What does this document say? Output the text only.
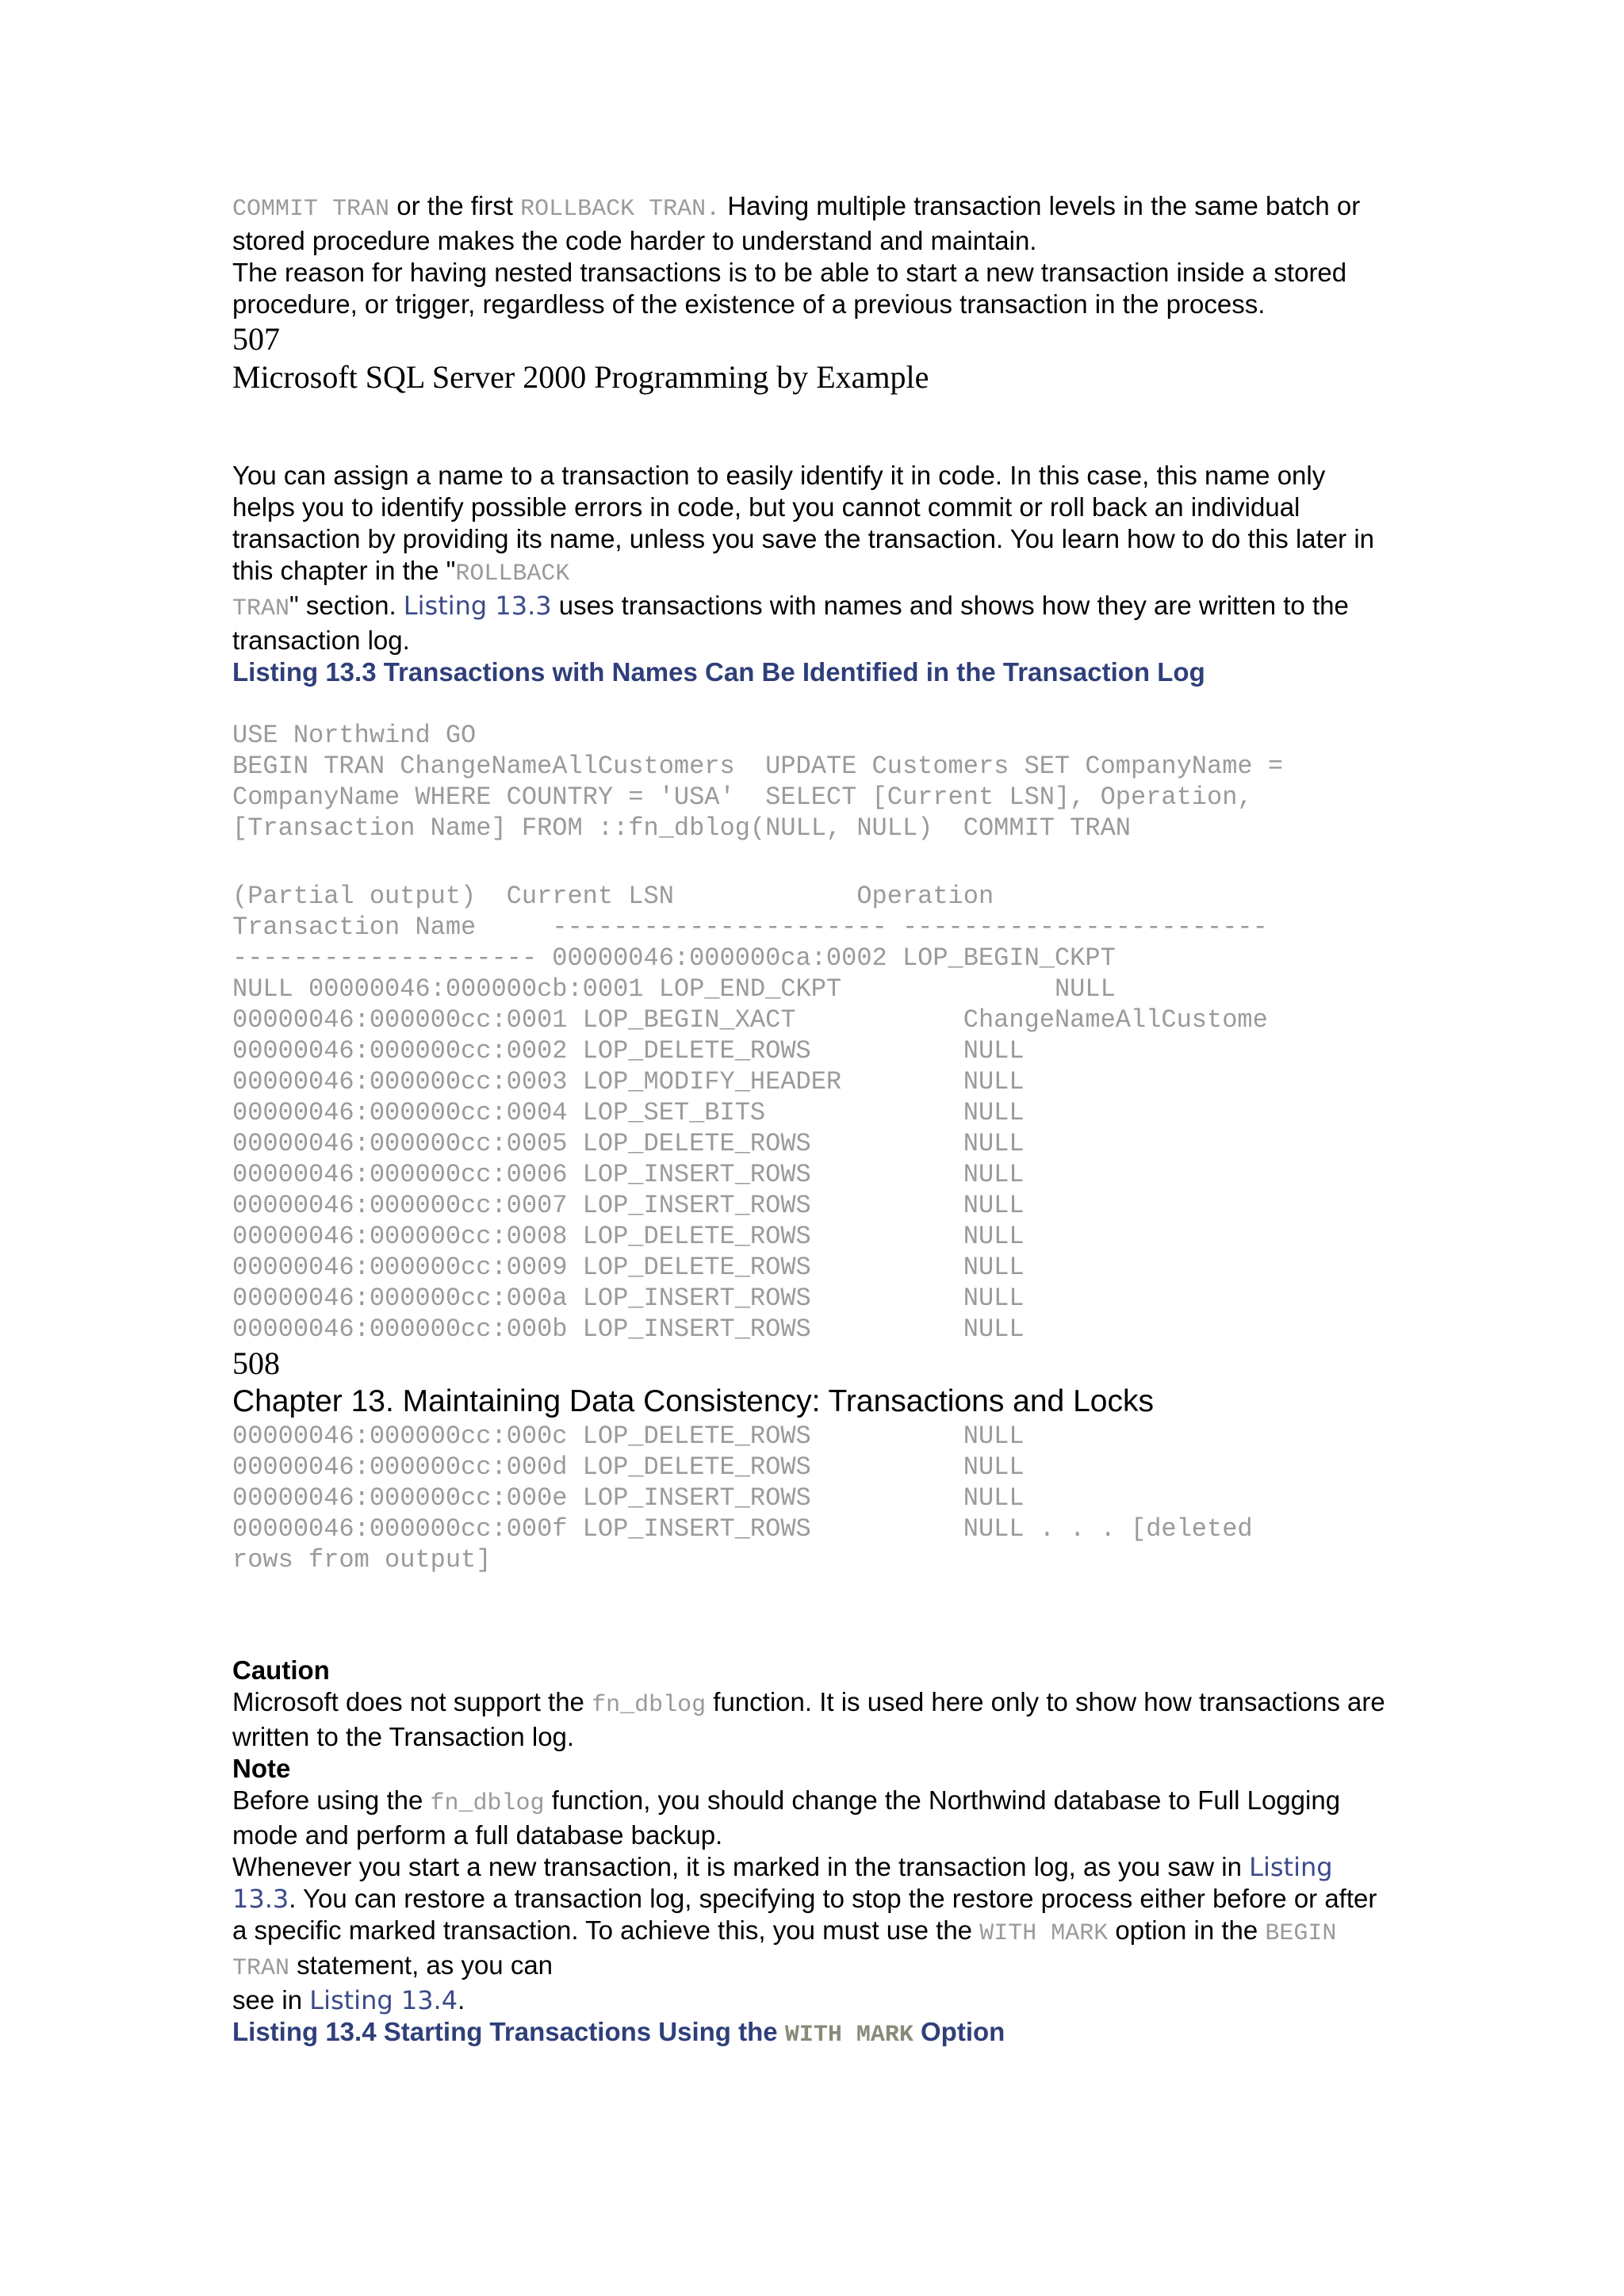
COMMIT TRAN or the first ROLLBACK TRAN. Having multiple transaction levels in the same batch or stored procedure makes the code harder to understand and maintain.

The reason for having nested transactions is to be able to start a new transaction inside a stored procedure, or trigger, regardless of the existence of a previous transaction in the process.

507

Microsoft SQL Server 2000 Programming by Example

You can assign a name to a transaction to easily identify it in code. In this case, this name only helps you to identify possible errors in code, but you cannot commit or roll back an individual transaction by providing its name, unless you save the transaction. You learn how to do this later in this chapter in the "ROLLBACK
TRAN" section. Listing 13.3 uses transactions with names and shows how they are written to the transaction log.

Listing 13.3 Transactions with Names Can Be Identified in the Transaction Log

USE Northwind GO
BEGIN TRAN ChangeNameAllCustomers  UPDATE Customers SET CompanyName =
CompanyName WHERE COUNTRY = 'USA'  SELECT [Current LSN], Operation,
[Transaction Name] FROM ::fn_dblog(NULL, NULL)  COMMIT TRAN
(Partial output)  Current LSN            Operation
Transaction Name     ---------------------- ------------------------
-------------------- 00000046:000000ca:0002 LOP_BEGIN_CKPT
NULL 00000046:000000cb:0001 LOP_END_CKPT              NULL
00000046:000000cc:0001 LOP_BEGIN_XACT           ChangeNameAllCustome
00000046:000000cc:0002 LOP_DELETE_ROWS          NULL
00000046:000000cc:0003 LOP_MODIFY_HEADER        NULL
00000046:000000cc:0004 LOP_SET_BITS             NULL
00000046:000000cc:0005 LOP_DELETE_ROWS          NULL
00000046:000000cc:0006 LOP_INSERT_ROWS          NULL
00000046:000000cc:0007 LOP_INSERT_ROWS          NULL
00000046:000000cc:0008 LOP_DELETE_ROWS          NULL
00000046:000000cc:0009 LOP_DELETE_ROWS          NULL
00000046:000000cc:000a LOP_INSERT_ROWS          NULL
00000046:000000cc:000b LOP_INSERT_ROWS          NULL

508

Chapter 13. Maintaining Data Consistency: Transactions and Locks

00000046:000000cc:000c LOP_DELETE_ROWS          NULL
00000046:000000cc:000d LOP_DELETE_ROWS          NULL
00000046:000000cc:000e LOP_INSERT_ROWS          NULL
00000046:000000cc:000f LOP_INSERT_ROWS          NULL . . . [deleted
rows from output]

Caution

Microsoft does not support the fn_dblog function. It is used here only to show how transactions are written to the Transaction log.

Note

Before using the fn_dblog function, you should change the Northwind database to Full Logging mode and perform a full database backup.

Whenever you start a new transaction, it is marked in the transaction log, as you saw in Listing 13.3. You can restore a transaction log, specifying to stop the restore process either before or after a specific marked transaction. To achieve this, you must use the WITH MARK option in the BEGIN TRAN statement, as you can
see in Listing 13.4.

Listing 13.4 Starting Transactions Using the WITH MARK Option
